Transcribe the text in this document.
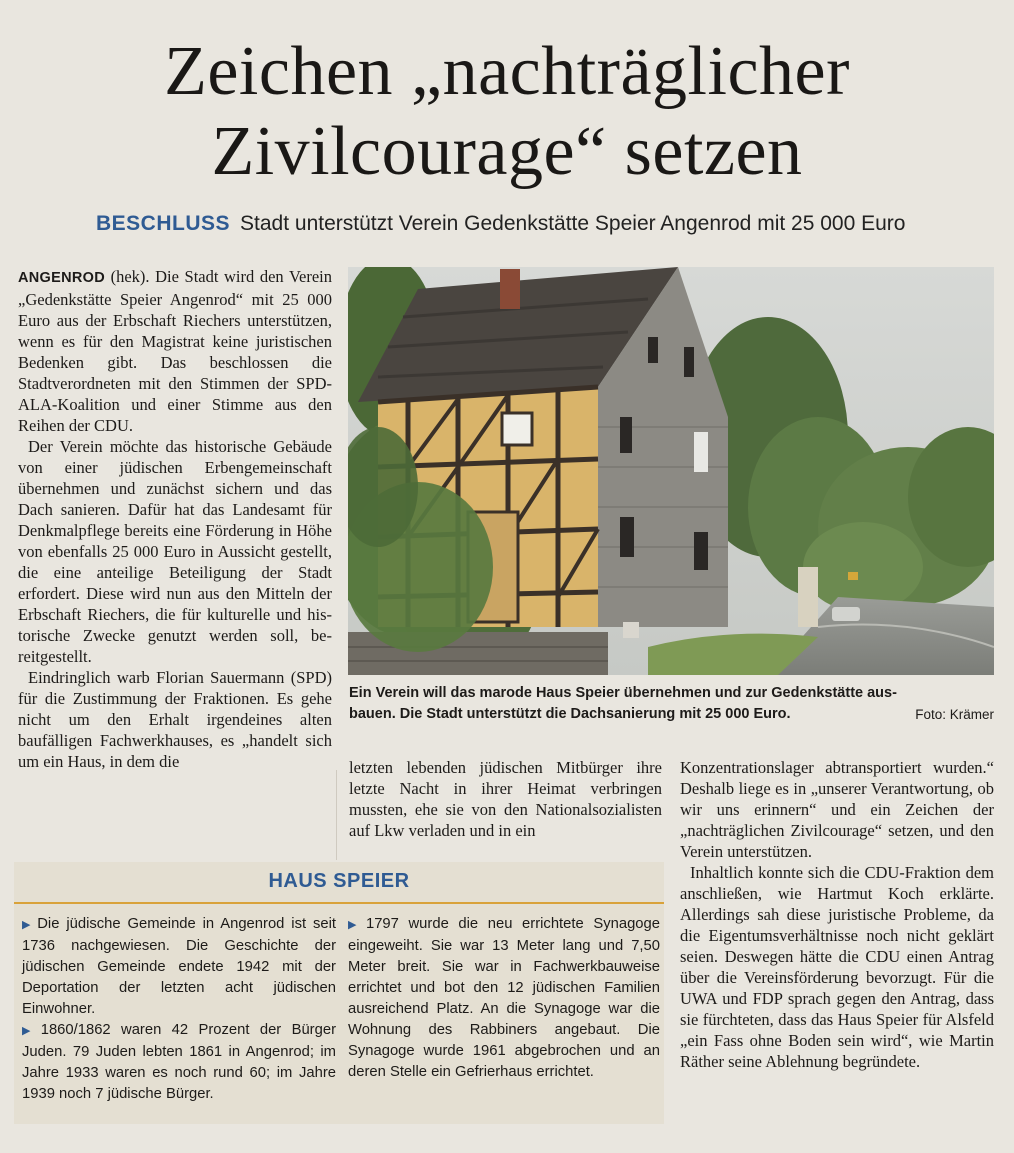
Zeichen „nachträglicher
Zivilcourage“ setzen
BESCHLUSS Stadt unterstützt Verein Gedenkstätte Speier Angenrod mit 25 000 Euro

ANGENROD (hek). Die Stadt wird den Verein „Gedenkstätte Speier Angenrod“ mit 25 000 Euro aus der Erbschaft Riechers unterstützen, wenn es für den Magistrat keine juristischen Bedenken gibt. Das beschlossen die Stadtverordneten mit den Stimmen der SPD-ALA-Koalition und einer Stimme aus den Reihen der CDU.

Der Verein möchte das historische Gebäude von einer jüdischen Erbengemeinschaft übernehmen und zunächst sichern und das Dach sanieren. Dafür hat das Landesamt für Denkmalpflege bereits eine Förderung in Höhe von ebenfalls 25 000 Euro in Aussicht gestellt, die eine anteilige Beteiligung der Stadt erfordert. Diese wird nun aus den Mitteln der Erbschaft Riechers, die für kulturelle und historische Zwecke genutzt werden soll, bereitgestellt.

Eindringlich warb Florian Sauermann (SPD) für die Zustimmung der Fraktionen. Es gehe nicht um den Erhalt irgendeines alten baufälligen Fachwerkhauses, es „handelt sich um ein Haus, in dem die

Foto: Krämer
Ein Verein will das marode Haus Speier übernehmen und zur Gedenkstätte ausbauen. Die Stadt unterstützt die Dachsanierung mit 25 000 Euro.

letzten lebenden jüdischen Mitbürger ihre letzte Nacht in ihrer Heimat verbringen mussten, ehe sie von den Nationalsozialisten auf Lkw verladen und in ein

Konzentrationslager abtransportiert wurden.“ Deshalb liege es in „unserer Verantwortung, ob wir uns erinnern“ und ein Zeichen der „nachträglichen Zivilcourage“ setzen, und den Verein unterstützen.

Inhaltlich konnte sich die CDU-Fraktion dem anschließen, wie Hartmut Koch erklärte. Allerdings sah diese juristische Probleme, da die Eigentumsverhältnisse noch nicht geklärt seien. Deswegen hätte die CDU einen Antrag über die Vereinsförderung bevorzugt. Für die UWA und FDP sprach gegen den Antrag, dass sie fürchteten, dass das Haus Speier für Alsfeld „ein Fass ohne Boden sein wird“, wie Martin Räther seine Ablehnung begründete.

HAUS SPEIER

▶ Die jüdische Gemeinde in Angenrod ist seit 1736 nachgewiesen. Die Geschichte der jüdischen Gemeinde endete 1942 mit der Deportation der letzten acht jüdischen Einwohner.

▶ 1860/1862 waren 42 Prozent der Bürger Juden. 79 Juden lebten 1861 in Angenrod; im Jahre 1933 waren es noch rund 60; im Jahre 1939 noch 7 jüdische Bürger.

▶ 1797 wurde die neu errichtete Synagoge eingeweiht. Sie war 13 Meter lang und 7,50 Meter breit. Sie war in Fachwerkbauweise errichtet und bot den 12 jüdischen Familien ausreichend Platz. An die Synagoge war die Wohnung des Rabbiners angebaut. Die Synagoge wurde 1961 abgebrochen und an deren Stelle ein Gefrierhaus errichtet.
